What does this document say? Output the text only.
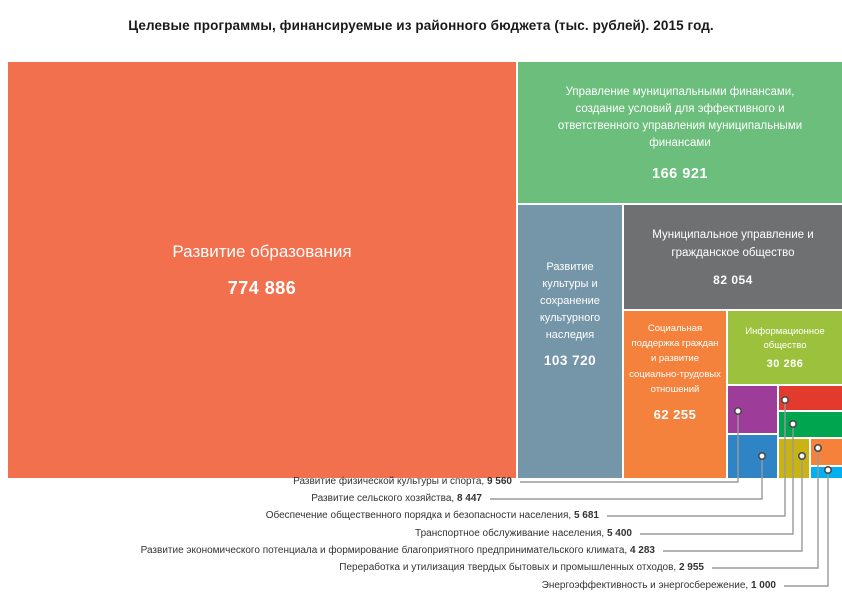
Целевые программы, финансируемые из районного бюджета (тыс. рублей). 2015 год.
Развитие образования
774 886
Управление муниципальными финансами, создание условий для эффективного и ответственного управления муниципальными финансами
166 921
Развитие культуры и сохранение культурного наследия
103 720
Муниципальное управление и гражданское общество
82 054
Социальная поддержка граждан и развитие социально-трудовых отношений
62 255
Информационное общество
30 286
Развитие физической культуры и спорта, 9 560
Развитие сельского хозяйства, 8 447
Обеспечение общественного порядка и безопасности населения, 5 681
Транспортное обслуживание населения, 5 400
Развитие экономического потенциала и формирование благоприятного предпринимательского климата, 4 283
Переработка и утилизация твердых бытовых и промышленных отходов, 2 955
Энергоэффективность и энергосбережение, 1 000
